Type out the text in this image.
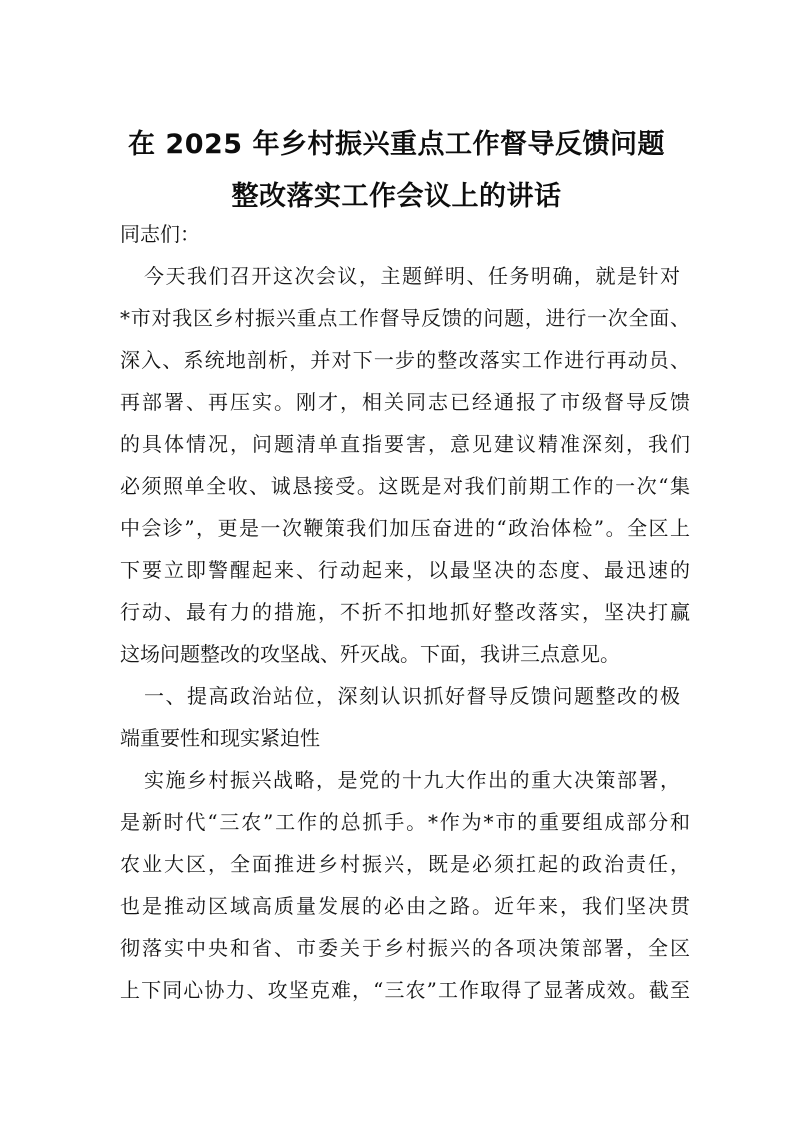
在 2025 年乡村振兴重点工作督导反馈问题
整改落实工作会议上的讲话
同志们：
今天我们召开这次会议，主题鲜明、任务明确，就是针对
*市对我区乡村振兴重点工作督导反馈的问题，进行一次全面、
深入、系统地剖析，并对下一步的整改落实工作进行再动员、
再部署、再压实。刚才，相关同志已经通报了市级督导反馈
的具体情况，问题清单直指要害，意见建议精准深刻，我们
必须照单全收、诚恳接受。这既是对我们前期工作的一次“集
中会诊”，更是一次鞭策我们加压奋进的“政治体检”。全区上
下要立即警醒起来、行动起来，以最坚决的态度、最迅速的
行动、最有力的措施，不折不扣地抓好整改落实，坚决打赢
这场问题整改的攻坚战、歼灭战。下面，我讲三点意见。
一、提高政治站位，深刻认识抓好督导反馈问题整改的极
端重要性和现实紧迫性
实施乡村振兴战略，是党的十九大作出的重大决策部署，
是新时代“三农”工作的总抓手。*作为*市的重要组成部分和
农业大区，全面推进乡村振兴，既是必须扛起的政治责任，
也是推动区域高质量发展的必由之路。近年来，我们坚决贯
彻落实中央和省、市委关于乡村振兴的各项决策部署，全区
上下同心协力、攻坚克难，“三农”工作取得了显著成效。截至
